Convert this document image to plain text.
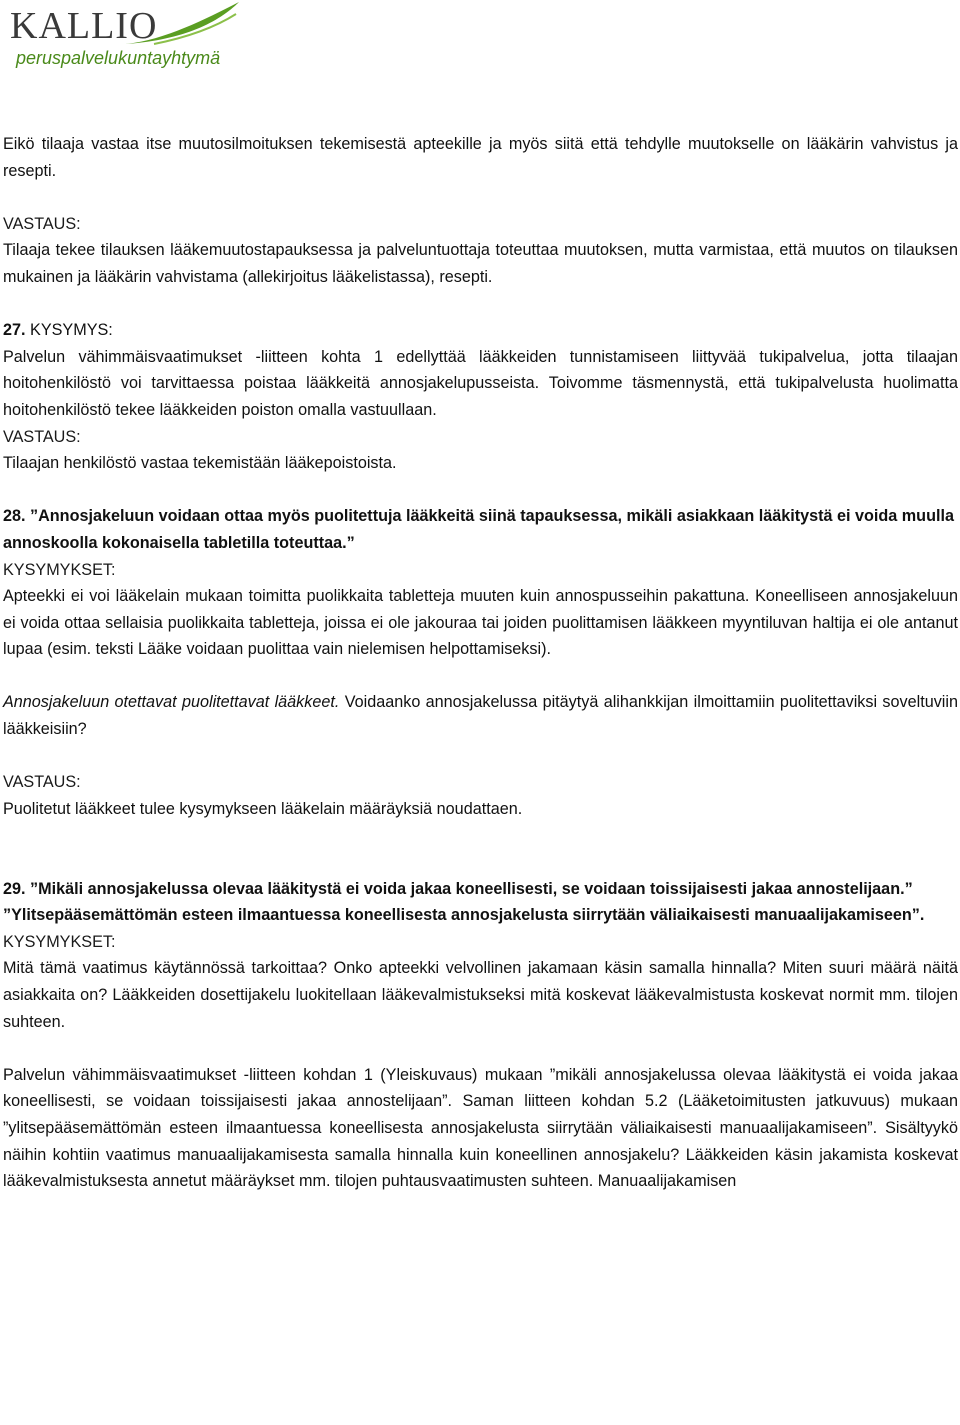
KALLIO
peruspalvelukuntayhtymä

Eikö tilaaja vastaa itse muutosilmoituksen tekemisestä apteekille ja myös siitä että tehdylle muutokselle on lääkärin vahvistus ja resepti.

VASTAUS:

Tilaaja tekee tilauksen lääkemuutostapauksessa ja palveluntuottaja toteuttaa muutoksen, mutta varmistaa, että muutos on tilauksen mukainen ja lääkärin vahvistama (allekirjoitus lääkelistassa), resepti.

27. KYSYMYS:

Palvelun vähimmäisvaatimukset -liitteen kohta 1 edellyttää lääkkeiden tunnistamiseen liittyvää tukipalvelua, jotta tilaajan hoitohenkilöstö voi tarvittaessa poistaa lääkkeitä annosjakelupusseista. Toivomme täsmennystä, että tukipalvelusta huolimatta hoitohenkilöstö tekee lääkkeiden poiston omalla vastuullaan.

VASTAUS:

Tilaajan henkilöstö vastaa tekemistään lääkepoistoista.

28. ”Annosjakeluun voidaan ottaa myös puolitettuja lääkkeitä siinä tapauksessa, mikäli asiakkaan lääkitystä ei voida muulla annoskoolla kokonaisella tabletilla toteuttaa.”

KYSYMYKSET:

Apteekki ei voi lääkelain mukaan toimitta puolikkaita tabletteja muuten kuin annospusseihin pakattuna. Koneelliseen annosjakeluun ei voida ottaa sellaisia puolikkaita tabletteja, joissa ei ole jakouraa tai joiden puolittamisen lääkkeen myyntiluvan haltija ei ole antanut lupaa (esim. teksti Lääke voidaan puolittaa vain nielemisen helpottamiseksi).

Annosjakeluun otettavat puolitettavat lääkkeet. Voidaanko annosjakelussa pitäytyä alihankkijan ilmoittamiin puolitettaviksi soveltuviin lääkkeisiin?

VASTAUS:

Puolitetut lääkkeet tulee kysymykseen lääkelain määräyksiä noudattaen.

29. ”Mikäli annosjakelussa olevaa lääkitystä ei voida jakaa koneellisesti, se voidaan toissijaisesti jakaa annostelijaan.” ”Ylitsepääsemättömän esteen ilmaantuessa koneellisesta annosjakelusta siirrytään väliaikaisesti manuaalijakamiseen”.

KYSYMYKSET:

Mitä tämä vaatimus käytännössä tarkoittaa? Onko apteekki velvollinen jakamaan käsin samalla hinnalla? Miten suuri määrä näitä asiakkaita on? Lääkkeiden dosettijakelu luokitellaan lääkevalmistukseksi mitä koskevat lääkevalmistusta koskevat normit mm. tilojen suhteen.

Palvelun vähimmäisvaatimukset -liitteen kohdan 1 (Yleiskuvaus) mukaan ”mikäli annosjakelussa olevaa lääkitystä ei voida jakaa koneellisesti, se voidaan toissijaisesti jakaa annostelijaan”. Saman liitteen kohdan 5.2 (Lääketoimitusten jatkuvuus) mukaan ”ylitsepääsemättömän esteen ilmaantuessa koneellisesta annosjakelusta siirrytään väliaikaisesti manuaalijakamiseen”. Sisältyykö näihin kohtiin vaatimus manuaalijakamisesta samalla hinnalla kuin koneellinen annosjakelu? Lääkkeiden käsin jakamista koskevat lääkevalmistuksesta annetut määräykset mm. tilojen puhtausvaatimusten suhteen. Manuaalijakamisen
